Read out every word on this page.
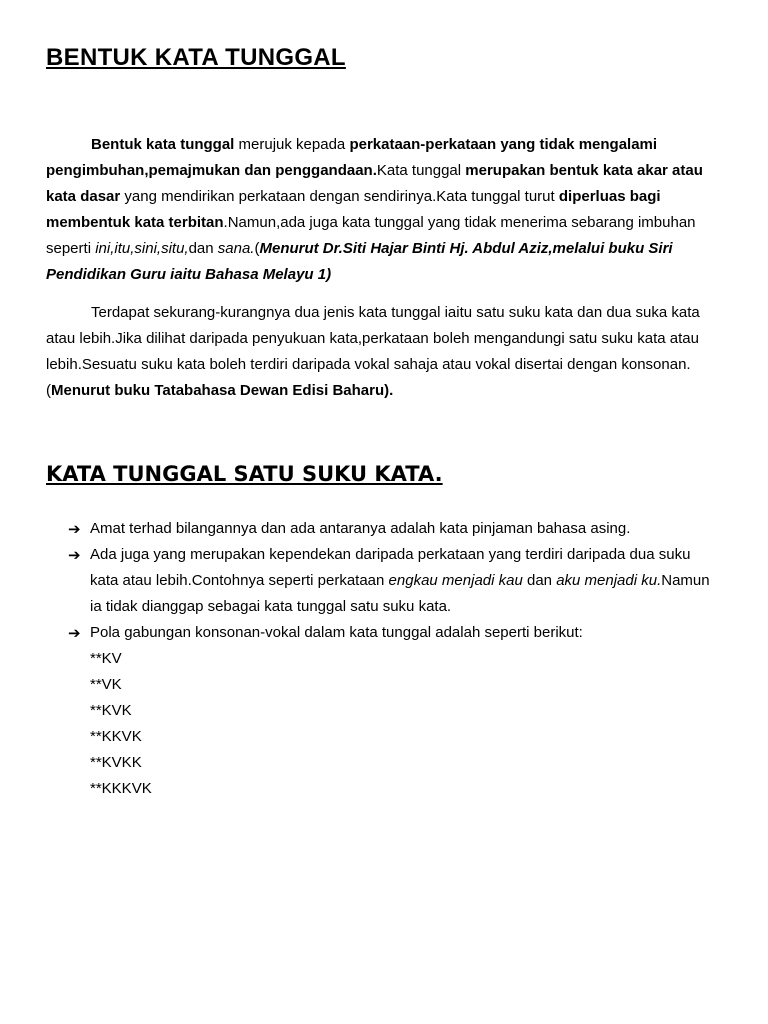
BENTUK KATA TUNGGAL

Bentuk kata tunggal merujuk kepada perkataan-perkataan yang tidak mengalami pengimbuhan,pemajmukan dan penggandaan.Kata tunggal merupakan bentuk kata akar atau kata dasar yang mendirikan perkataan dengan sendirinya.Kata tunggal turut diperluas bagi membentuk kata terbitan.Namun,ada juga kata tunggal yang tidak menerima sebarang imbuhan seperti ini,itu,sini,situ,dan sana.(Menurut Dr.Siti Hajar Binti Hj. Abdul Aziz,melalui buku Siri Pendidikan Guru iaitu Bahasa Melayu 1)

Terdapat sekurang-kurangnya dua jenis kata tunggal iaitu satu suku kata dan dua suka kata atau lebih.Jika dilihat daripada penyukuan kata,perkataan boleh mengandungi satu suku kata atau lebih.Sesuatu suku kata boleh terdiri daripada vokal sahaja atau vokal disertai dengan konsonan.(Menurut buku Tatabahasa Dewan Edisi Baharu).

KATA TUNGGAL SATU SUKU KATA.
➔ Amat terhad bilangannya dan ada antaranya adalah kata pinjaman bahasa asing.
➔ Ada juga yang merupakan kependekan daripada perkataan yang terdiri daripada dua suku kata atau lebih.Contohnya seperti perkataan engkau menjadi kau dan aku menjadi ku.Namun ia tidak dianggap sebagai kata tunggal satu suku kata.
➔ Pola gabungan konsonan-vokal dalam kata tunggal adalah seperti berikut:
**KV
**VK
**KVK
**KKVK
**KVKK
**KKKVK
